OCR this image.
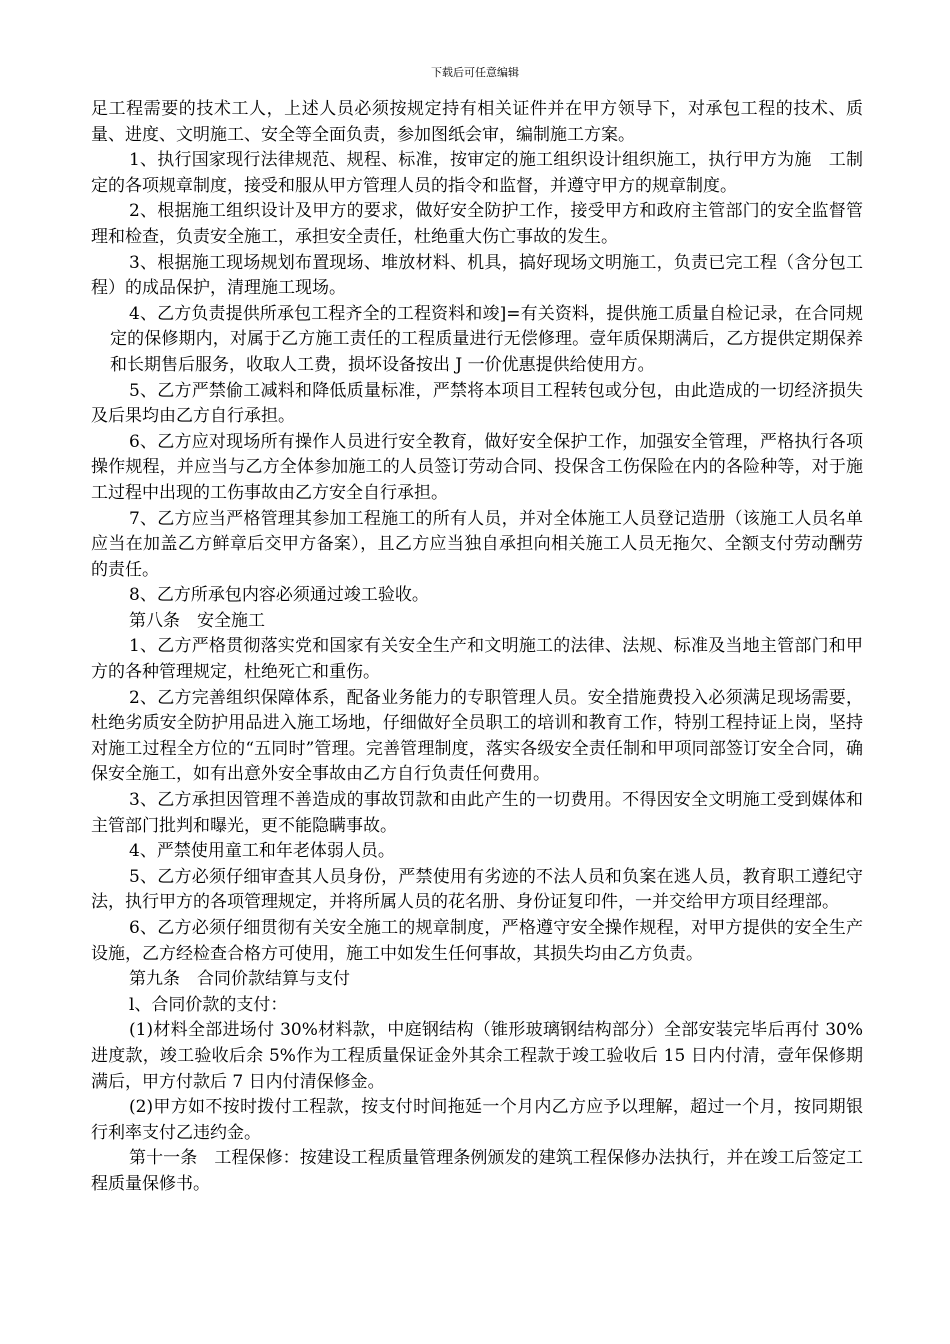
下载后可任意编辑

足工程需要的技术工人，上述人员必须按规定持有相关证件并在甲方领导下，对承包工程的技术、质量、进度、文明施工、安全等全面负责，参加图纸会审，编制施工方案。

1、执行国家现行法律规范、规程、标准，按审定的施工组织设计组织施工，执行甲方为施　工制定的各项规章制度，接受和服从甲方管理人员的指令和监督，并遵守甲方的规章制度。

2、根据施工组织设计及甲方的要求，做好安全防护工作，接受甲方和政府主管部门的安全监督管理和检查，负责安全施工，承担安全责任，杜绝重大伤亡事故的发生。

3、根据施工现场规划布置现场、堆放材料、机具，搞好现场文明施工，负责已完工程（含分包工程）的成品保护，清理施工现场。

4、乙方负责提供所承包工程齐全的工程资料和竣]=有关资料，提供施工质量自检记录，在合同规定的保修期内，对属于乙方施工责任的工程质量进行无偿修理。壹年质保期满后，乙方提供定期保养和长期售后服务，收取人工费，损坏设备按出 J 一价优惠提供给使用方。

5、乙方严禁偷工减料和降低质量标准，严禁将本项目工程转包或分包，由此造成的一切经济损失及后果均由乙方自行承担。

6、乙方应对现场所有操作人员进行安全教育，做好安全保护工作，加强安全管理，严格执行各项操作规程，并应当与乙方全体参加施工的人员签订劳动合同、投保含工伤保险在内的各险种等，对于施工过程中出现的工伤事故由乙方安全自行承担。

7、乙方应当严格管理其参加工程施工的所有人员，并对全体施工人员登记造册（该施工人员名单应当在加盖乙方鲜章后交甲方备案），且乙方应当独自承担向相关施工人员无拖欠、全额支付劳动酬劳的责任。

8、乙方所承包内容必须通过竣工验收。

第八条　安全施工

1、乙方严格贯彻落实党和国家有关安全生产和文明施工的法律、法规、标准及当地主管部门和甲方的各种管理规定，杜绝死亡和重伤。

2、乙方完善组织保障体系，配备业务能力的专职管理人员。安全措施费投入必须满足现场需要，杜绝劣质安全防护用品进入施工场地，仔细做好全员职工的培训和教育工作，特别工程持证上岗，坚持对施工过程全方位的“五同时”管理。完善管理制度，落实各级安全责任制和甲项同部签订安全合同，确保安全施工，如有出意外安全事故由乙方自行负责任何费用。

3、乙方承担因管理不善造成的事故罚款和由此产生的一切费用。不得因安全文明施工受到媒体和主管部门批判和曝光，更不能隐瞒事故。

4、严禁使用童工和年老体弱人员。

5、乙方必须仔细审查其人员身份，严禁使用有劣迹的不法人员和负案在逃人员，教育职工遵纪守法，执行甲方的各项管理规定，并将所属人员的花名册、身份证复印件，一并交给甲方项目经理部。

6、乙方必须仔细贯彻有关安全施工的规章制度，严格遵守安全操作规程，对甲方提供的安全生产设施，乙方经检查合格方可使用，施工中如发生任何事故，其损失均由乙方负责。

第九条　合同价款结算与支付

l、合同价款的支付：

(1)材料全部进场付 30%材料款，中庭钢结构（锥形玻璃钢结构部分）全部安装完毕后再付 30%进度款，竣工验收后余 5%作为工程质量保证金外其余工程款于竣工验收后 15 日内付清，壹年保修期满后，甲方付款后 7 日内付清保修金。

(2)甲方如不按时拨付工程款，按支付时间拖延一个月内乙方应予以理解，超过一个月，按同期银行利率支付乙违约金。

第十一条　工程保修：按建设工程质量管理条例颁发的建筑工程保修办法执行，并在竣工后签定工程质量保修书。
